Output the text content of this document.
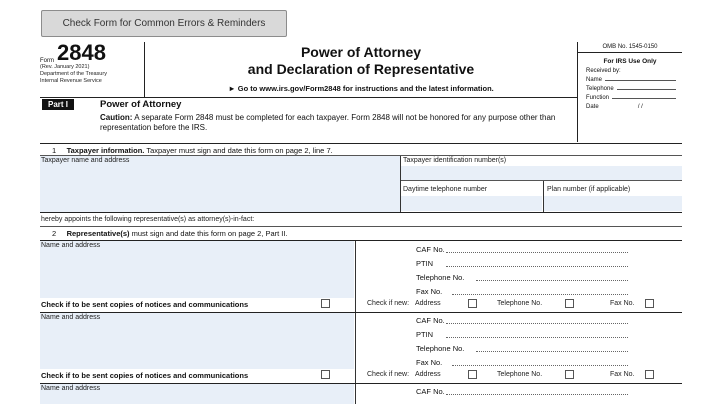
Check Form for Common Errors & Reminders
Form 2848
(Rev. January 2021)
Department of the Treasury
Internal Revenue Service
Power of Attorney
and Declaration of Representative
► Go to www.irs.gov/Form2848 for instructions and the latest information.
OMB No. 1545-0150
For IRS Use Only
Received by:
Name
Telephone
Function
Date	/ /
Part I	Power of Attorney
Caution: A separate Form 2848 must be completed for each taxpayer. Form 2848 will not be honored for any purpose other than representation before the IRS.
1 Taxpayer information. Taxpayer must sign and date this form on page 2, line 7.
Taxpayer name and address	Taxpayer identification number(s)
Daytime telephone number	Plan number (if applicable)
hereby appoints the following representative(s) as attorney(s)-in-fact:
2 Representative(s) must sign and date this form on page 2, Part II.
Name and address	CAF No.
PTIN
Telephone No.
Fax No.
Check if to be sent copies of notices and communications	Check if new: Address	Telephone No.	Fax No.
Name and address	CAF No.
PTIN
Telephone No.
Fax No.
Check if to be sent copies of notices and communications	Check if new: Address	Telephone No.	Fax No.
Name and address	CAF No.
